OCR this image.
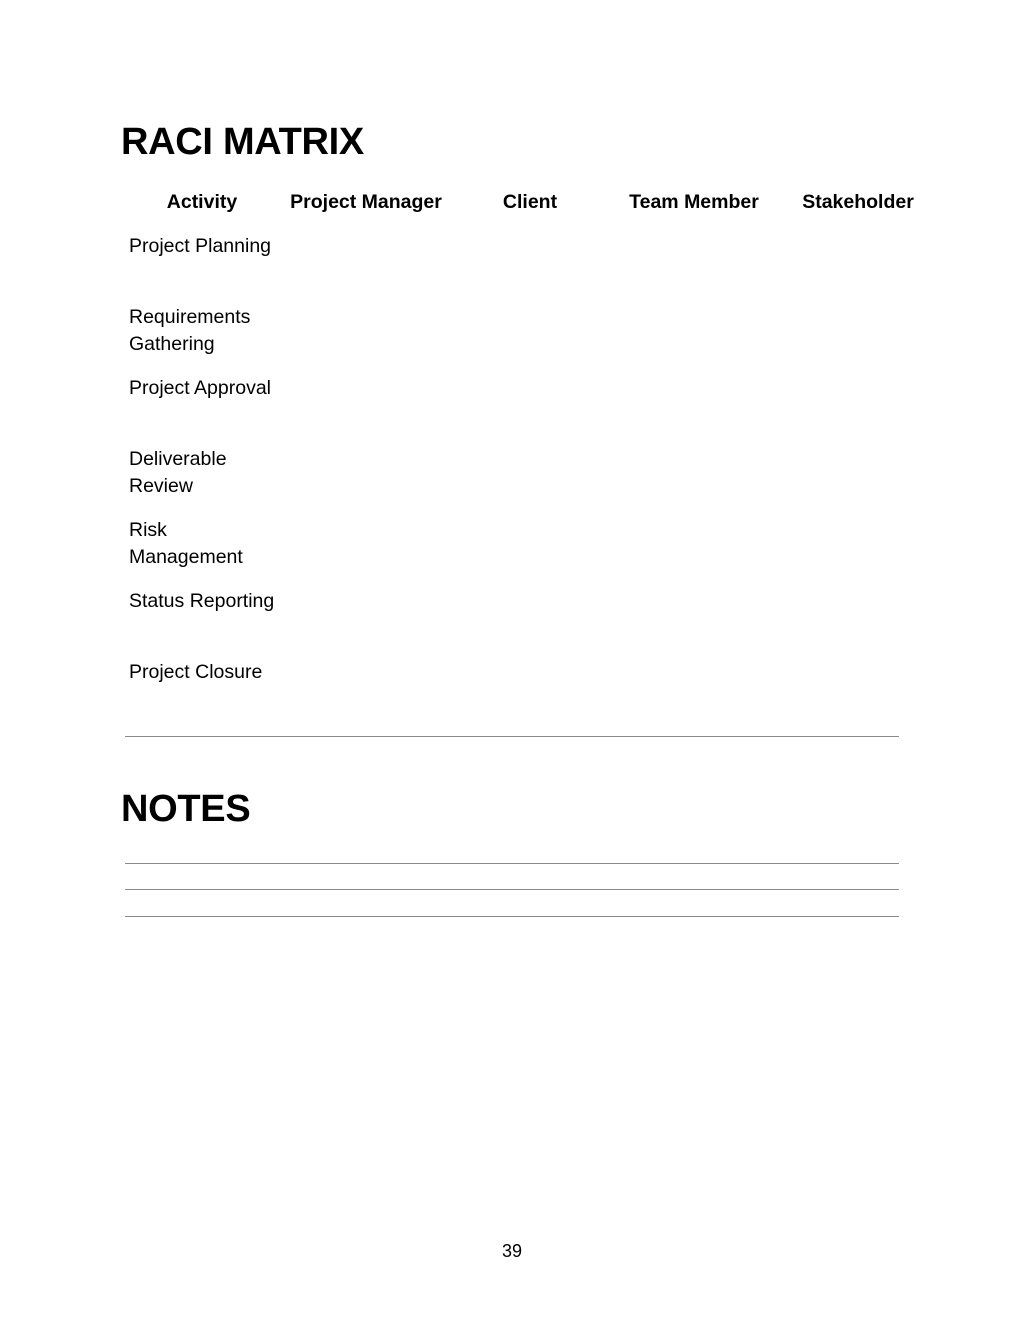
RACI MATRIX
Activity	Project Manager	Client	Team Member	Stakeholder
Project Planning				
Requirements Gathering				
Project Approval				
Deliverable Review				
Risk Management				
Status Reporting				
Project Closure				
NOTES
39
